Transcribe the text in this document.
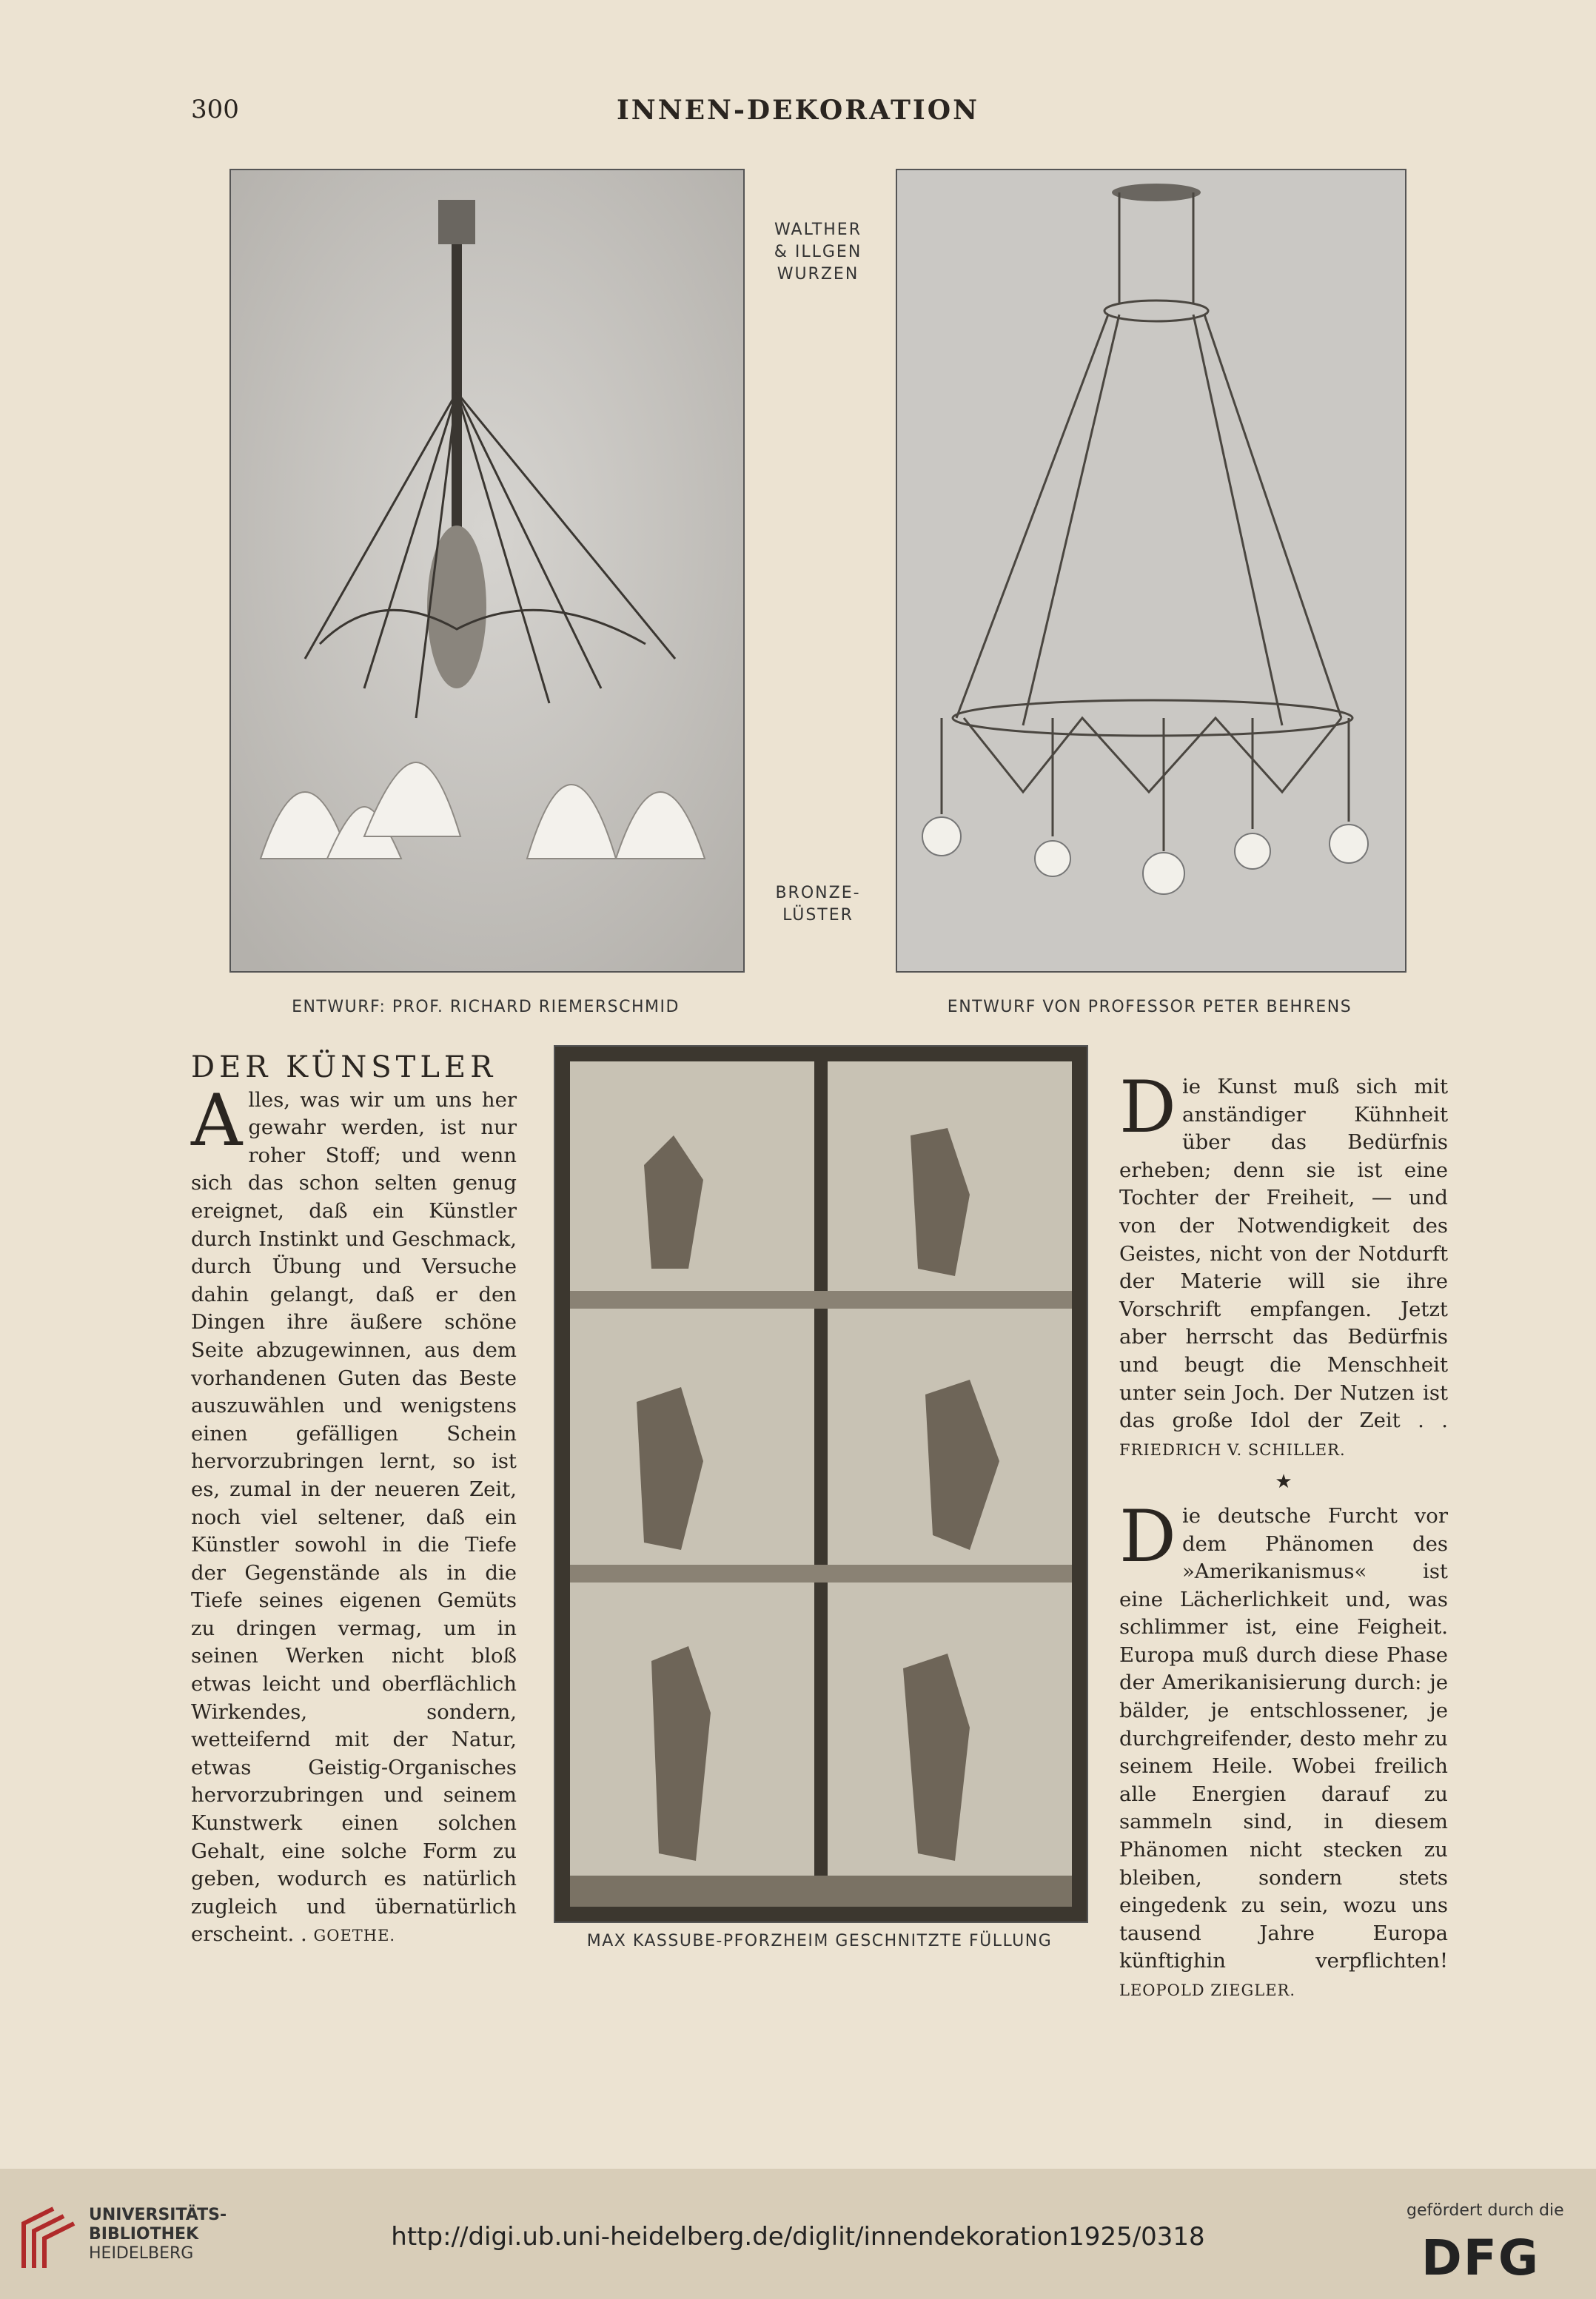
300	INNEN-DEKORATION
WALTHER
& ILLGEN
WURZEN
BRONZE-
LÜSTER
ENTWURF: PROF. RICHARD RIEMERSCHMID	ENTWURF VON PROFESSOR PETER BEHRENS
MAX KASSUBE-PFORZHEIM GESCHNITZTE FÜLLUNG
DER KÜNSTLER

Alles, was wir um uns her gewahr werden, ist nur roher Stoff; und wenn sich das schon selten genug ereignet, daß ein Künstler durch Instinkt und Geschmack, durch Übung und Versuche dahin gelangt, daß er den Dingen ihre äußere schöne Seite abzugewinnen, aus dem vorhandenen Guten das Beste auszuwählen und wenigstens einen gefälligen Schein hervorzubringen lernt, so ist es, zumal in der neueren Zeit, noch viel seltener, daß ein Künstler sowohl in die Tiefe der Gegenstände als in die Tiefe seines eigenen Gemüts zu dringen vermag, um in seinen Werken nicht bloß etwas leicht und oberflächlich Wirkendes, sondern, wetteifernd mit der Natur, etwas Geistig-Organisches hervorzubringen und seinem Kunstwerk einen solchen Gehalt, eine solche Form zu geben, wodurch es natürlich zugleich und übernatürlich erscheint. . GOETHE.

Die Kunst muß sich mit anständiger Kühnheit über das Bedürfnis erheben; denn sie ist eine Tochter der Freiheit, — und von der Notwendigkeit des Geistes, nicht von der Notdurft der Materie will sie ihre Vorschrift empfangen. Jetzt aber herrscht das Bedürfnis und beugt die Menschheit unter sein Joch. Der Nutzen ist das große Idol der Zeit . . FRIEDRICH V. SCHILLER.

★

Die deutsche Furcht vor dem Phänomen des »Amerikanismus« ist eine Lächerlichkeit und, was schlimmer ist, eine Feigheit. Europa muß durch diese Phase der Amerikanisierung durch: je bälder, je entschlossener, je durchgreifender, desto mehr zu seinem Heile. Wobei freilich alle Energien darauf zu sammeln sind, in diesem Phänomen nicht stecken zu bleiben, sondern stets eingedenk zu sein, wozu uns tausend Jahre Europa künftighin verpflichten! LEOPOLD ZIEGLER.

UNIVERSITÄTS-
BIBLIOTHEK
HEIDELBERG
http://digi.ub.uni-heidelberg.de/diglit/innendekoration1925/0318
gefördert durch die
DFG
